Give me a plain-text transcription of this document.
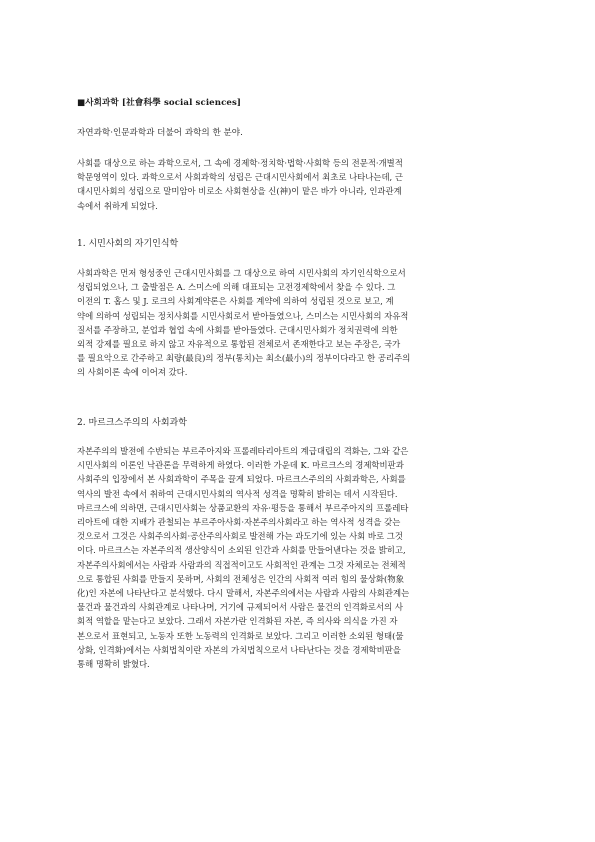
■사회과학 [社會科學 social sciences]
자연과학·인문과학과 더불어 과학의 한 분야.
사회를 대상으로 하는 과학으로서, 그 속에 경제학·정치학·법학·사회학 등의 전문적·개별적
학문영역이 있다. 과학으로서 사회과학의 성립은 근대시민사회에서 최초로 나타나는데, 근
대시민사회의 성립으로 말미암아 비로소 사회현상을 신(神)이 맡은 바가 아니라, 인과관계
속에서 취하게 되었다.
1. 시민사회의 자기인식학
사회과학은 먼저 형성중인 근대시민사회를 그 대상으로 하여 시민사회의 자기인식학으로서
성립되었으나, 그 출발점은 A. 스미스에 의해 대표되는 고전경제학에서 찾을 수 있다. 그
이전의 T. 홉스 및 J. 로크의 사회계약론은 사회를 계약에 의하여 성립된 것으로 보고, 계
약에 의하여 성립되는 정치사회를 시민사회로서 받아들였으나, 스미스는 시민사회의 자유적
질서를 주장하고, 분업과 협업 속에 사회를 받아들였다. 근대시민사회가 정치권력에 의한
외적 강제를 필요로 하지 않고 자유적으로 통합된 전체로서 존재한다고 보는 주장은, 국가
를 필요악으로 간주하고 최량(最良)의 정부(통치)는 최소(最小)의 정부이다라고 한 공리주의
의 사회이론 속에 이어져 갔다.
2. 마르크스주의의 사회과학
자본주의의 발전에 수반되는 부르주아지와 프롤레타리아트의 계급대립의 격화는, 그와 같은
시민사회의 이론인 낙관론을 무력하게 하였다. 이러한 가운데 K. 마르크스의 경제학비판과
사회주의 입장에서 본 사회과학이 주목을 끌게 되었다. 마르크스주의의 사회과학은, 사회를
역사의 발전 속에서 취하여 근대시민사회의 역사적 성격을 명확히 밝히는 데서 시작된다.
마르크스에 의하면, 근대시민사회는 상품교환의 자유·평등을 통해서 부르주아지의 프롤레타
리아트에 대한 지배가 관철되는 부르주아사회·자본주의사회라고 하는 역사적 성격을 갖는
것으로서 그것은 사회주의사회·공산주의사회로 발전해 가는 과도기에 있는 사회 바로 그것
이다. 마르크스는 자본주의적 생산양식이 소외된 인간과 사회를 만들어낸다는 것을 밝히고,
자본주의사회에서는 사람과 사람과의 직접적이고도 사회적인 관계는 그것 자체로는 전체적
으로 통합된 사회를 만들지 못하며, 사회의 전체성은 인간의 사회적 여러 힘의 물상화(物象
化)인 자본에 나타난다고 분석했다. 다시 말해서, 자본주의에서는 사람과 사람의 사회관계는
물건과 물건과의 사회관계로 나타나며, 거기에 규제되어서 사람은 물건의 인격화로서의 사
회적 역할을 맡는다고 보았다. 그래서 자본가란 인격화된 자본, 즉 의사와 의식을 가진 자
본으로서 표현되고, 노동자 또한 노동력의 인격화로 보았다. 그리고 이러한 소외된 형태(물
상화, 인격화)에서는 사회법칙이란 자본의 가치법칙으로서 나타난다는 것을 경제학비판을
통해 명확히 밝혔다.
